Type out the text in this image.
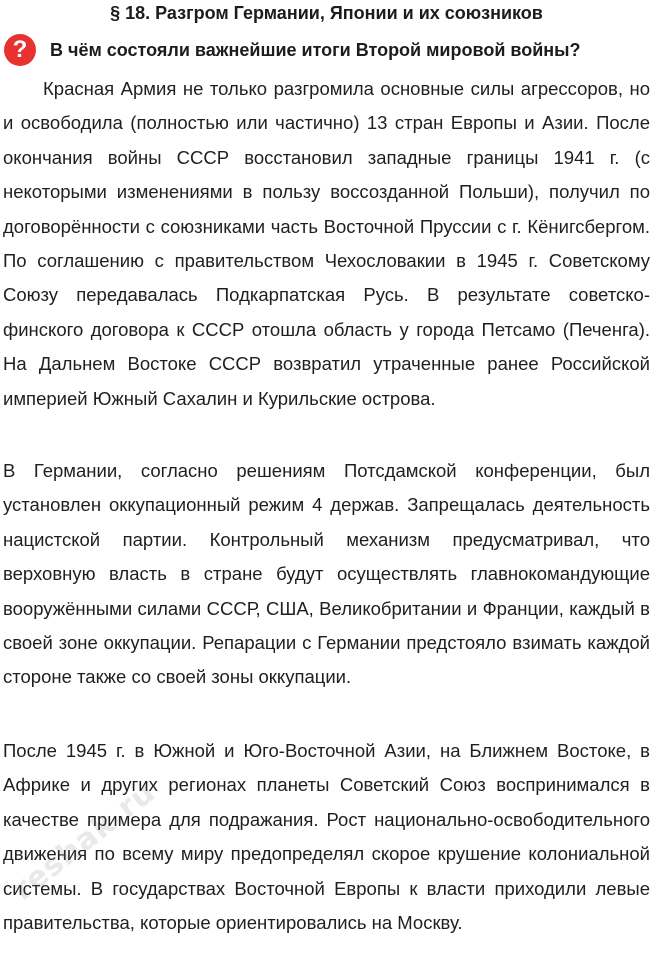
§ 18. Разгром Германии, Японии и их союзников
?	В чём состояли важнейшие итоги Второй мировой войны?
Красная Армия не только разгромила основные силы агрессоров, но и освободила (полностью или частично) 13 стран Европы и Азии. После окончания войны СССР восстановил западные границы 1941 г. (с некоторыми изменениями в пользу воссозданной Польши), получил по договорённости с союзниками часть Восточной Пруссии с г. Кёнигсбергом. По соглашению с правительством Чехословакии в 1945 г. Советскому Союзу передавалась Подкарпатская Русь. В результате советско-финского договора к СССР отошла область у города Петсамо (Печенга). На Дальнем Востоке СССР возвратил утраченные ранее Российской империей Южный Сахалин и Курильские острова.
В Германии, согласно решениям Потсдамской конференции, был установлен оккупационный режим 4 держав. Запрещалась деятельность нацистской партии. Контрольный механизм предусматривал, что верховную власть в стране будут осуществлять главнокомандующие вооружёнными силами СССР, США, Великобритании и Франции, каждый в своей зоне оккупации. Репарации с Германии предстояло взимать каждой стороне также со своей зоны оккупации.
После 1945 г. в Южной и Юго-Восточной Азии, на Ближнем Востоке, в Африке и других регионах планеты Советский Союз воспринимался в качестве примера для подражания. Рост национально-освободительного движения по всему миру предопределял скорое крушение колониальной системы. В государствах Восточной Европы к власти приходили левые правительства, которые ориентировались на Москву.
reshak.ru
